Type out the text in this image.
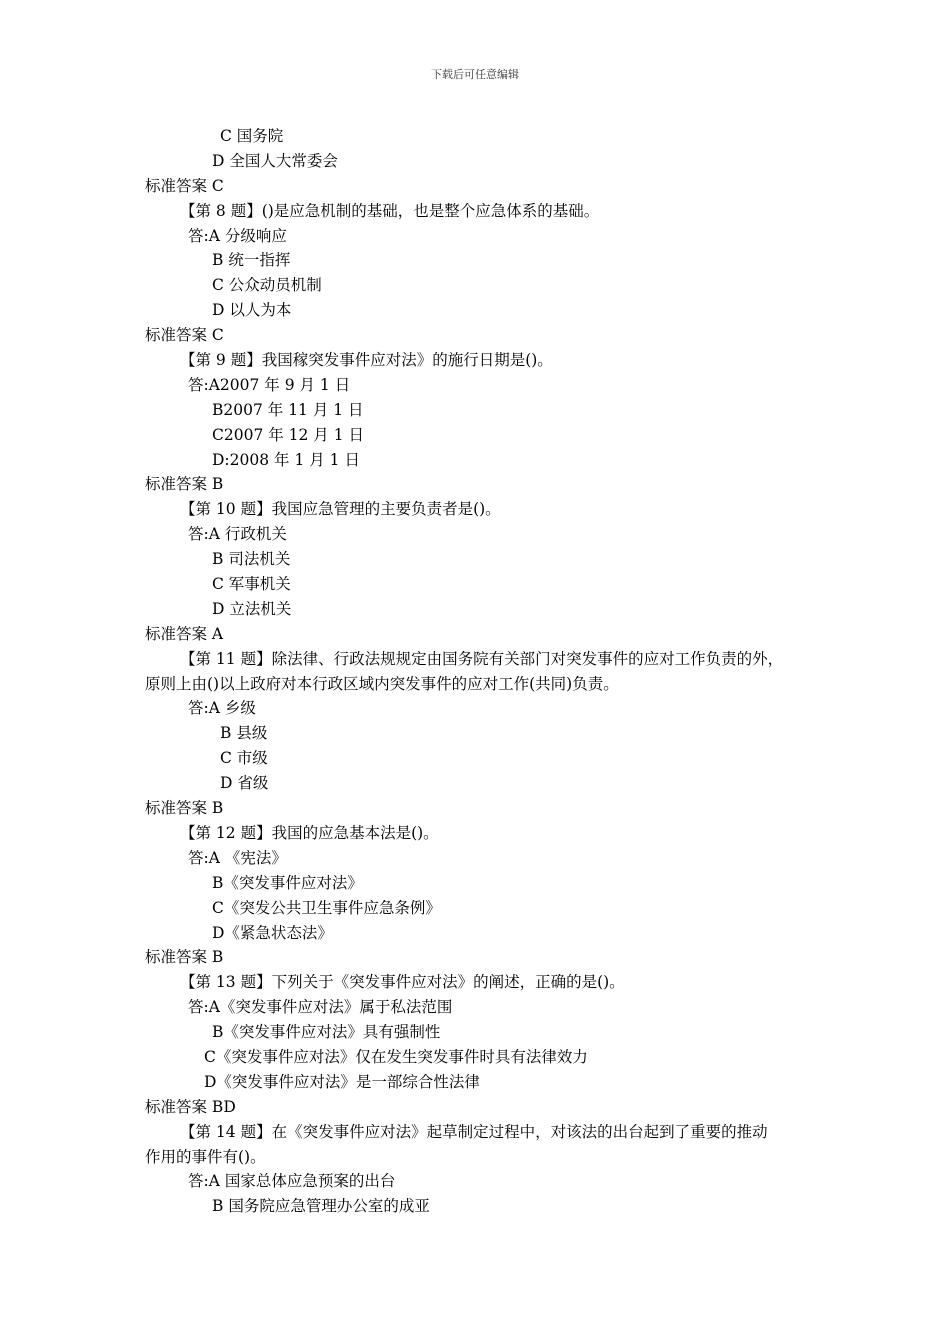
下载后可任意编辑
C 国务院
D 全国人大常委会
标准答案 C
【第 8 题】()是应急机制的基础，也是整个应急体系的基础。
答:A 分级响应
B 统一指挥
C 公众动员机制
D 以人为本
标准答案 C
【第 9 题】我国稼突发事件应对法》的施行日期是()。
答:A2007 年 9 月 1 日
B2007 年 11 月 1 日
C2007 年 12 月 1 日
D:2008 年 1 月 1 日
标准答案 B
【第 10 题】我国应急管理的主要负责者是()。
答:A 行政机关
B 司法机关
C 军事机关
D 立法机关
标准答案 A
【第 11 题】除法律、行政法规规定由国务院有关部门对突发事件的应对工作负责的外，
原则上由()以上政府对本行政区域内突发事件的应对工作(共同)负责。
答:A 乡级
B 县级
C 市级
D 省级
标准答案 B
【第 12 题】我国的应急基本法是()。
答:A 《宪法》
B《突发事件应对法》
C《突发公共卫生事件应急条例》
D《紧急状态法》
标准答案 B
【第 13 题】下列关于《突发事件应对法》的阐述，正确的是()。
答:A《突发事件应对法》属于私法范围
B《突发事件应对法》具有强制性
C《突发事件应对法》仅在发生突发事件时具有法律效力
D《突发事件应对法》是一部综合性法律
标准答案 BD
【第 14 题】在《突发事件应对法》起草制定过程中，对该法的出台起到了重要的推动
作用的事件有()。
答:A 国家总体应急预案的出台
B 国务院应急管理办公室的成亚
